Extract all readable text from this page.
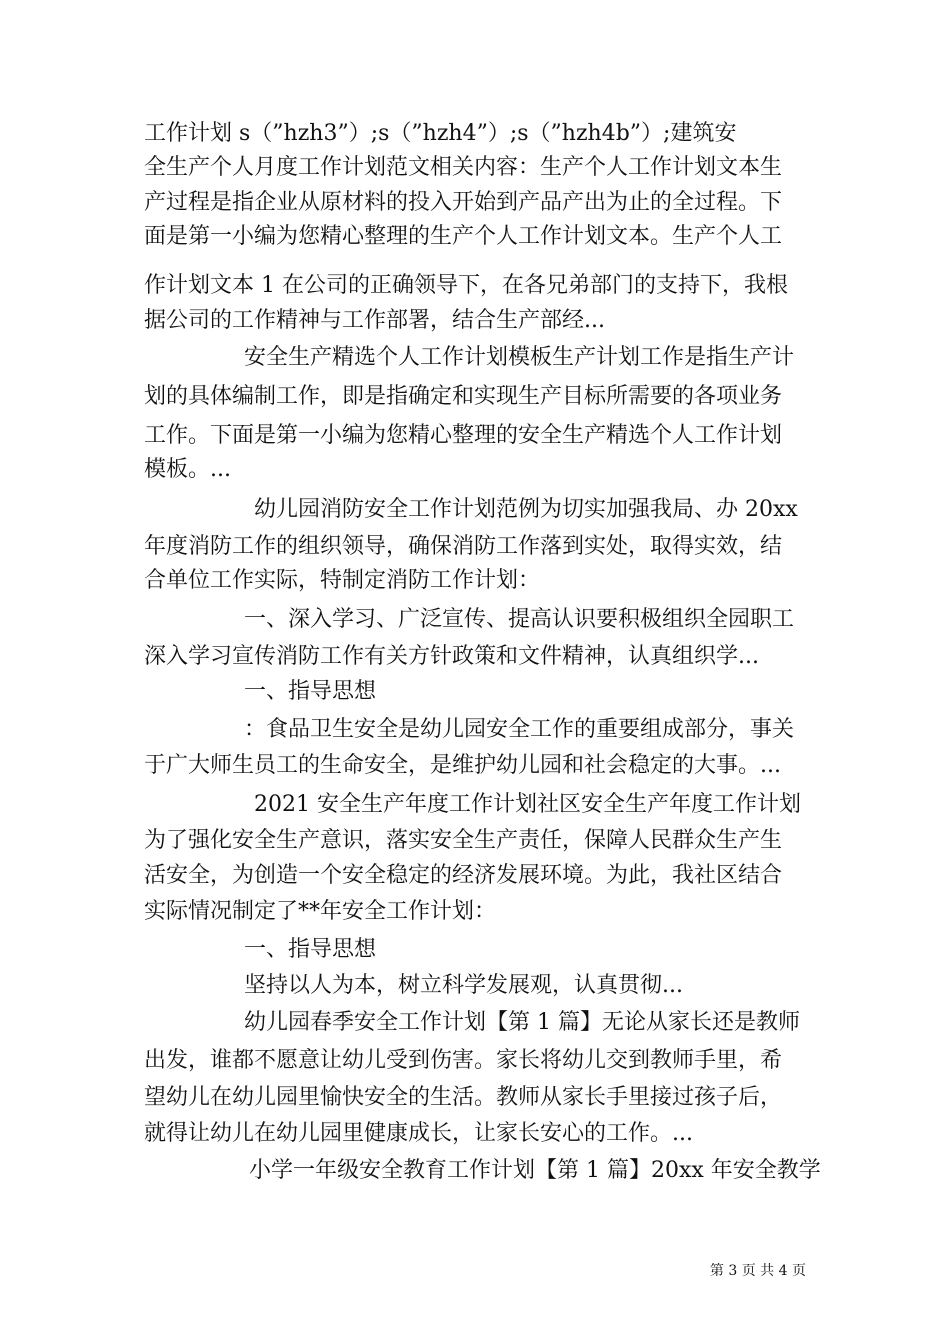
工作计划 s（”hzh3”）;s（”hzh4”）;s（”hzh4b”）;建筑安
全生产个人月度工作计划范文相关内容：生产个人工作计划文本生
产过程是指企业从原材料的投入开始到产品产出为止的全过程。下
面是第一小编为您精心整理的生产个人工作计划文本。生产个人工
作计划文本 1 在公司的正确领导下，在各兄弟部门的支持下，我根
据公司的工作精神与工作部署，结合生产部经...
安全生产精选个人工作计划模板生产计划工作是指生产计
划的具体编制工作，即是指确定和实现生产目标所需要的各项业务
工作。下面是第一小编为您精心整理的安全生产精选个人工作计划
模板。...
幼儿园消防安全工作计划范例为切实加强我局、办 20xx
年度消防工作的组织领导，确保消防工作落到实处，取得实效，结
合单位工作实际，特制定消防工作计划：
一、深入学习、广泛宣传、提高认识要积极组织全园职工
深入学习宣传消防工作有关方针政策和文件精神，认真组织学...
一、指导思想
：食品卫生安全是幼儿园安全工作的重要组成部分，事关
于广大师生员工的生命安全，是维护幼儿园和社会稳定的大事。...
2021 安全生产年度工作计划社区安全生产年度工作计划
为了强化安全生产意识，落实安全生产责任，保障人民群众生产生
活安全，为创造一个安全稳定的经济发展环境。为此，我社区结合
实际情况制定了**年安全工作计划：
一、指导思想
坚持以人为本，树立科学发展观，认真贯彻...
幼儿园春季安全工作计划【第 1 篇】无论从家长还是教师
出发，谁都不愿意让幼儿受到伤害。家长将幼儿交到教师手里，希
望幼儿在幼儿园里愉快安全的生活。教师从家长手里接过孩子后，
就得让幼儿在幼儿园里健康成长，让家长安心的工作。...
小学一年级安全教育工作计划【第 1 篇】20xx 年安全教学
第 3 页 共 4 页
